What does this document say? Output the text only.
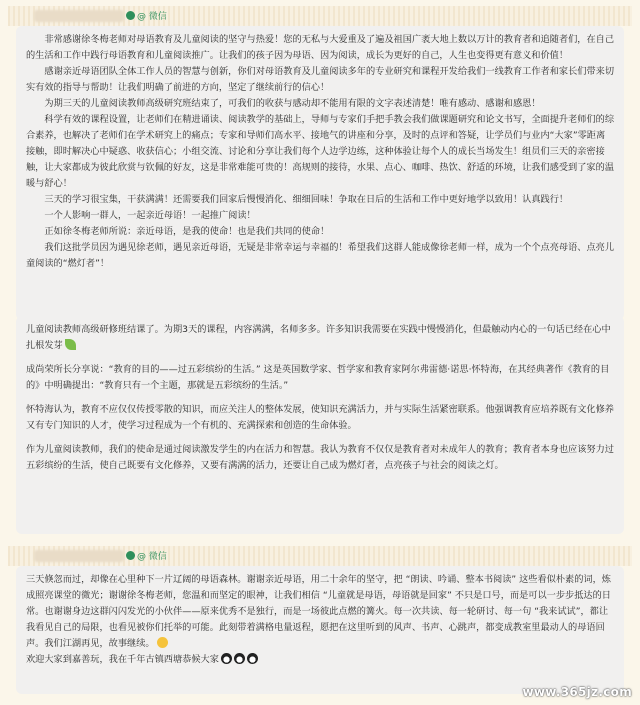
@ 微信

非常感谢徐冬梅老师对母语教育及儿童阅读的坚守与热爱！您的无私与大爱重及了遍及祖国广袤大地上数以万计的教育者和追随者们，在自己的生活和工作中践行母语教育和儿童阅读推广。让我们的孩子因为母语、因为阅读，成长为更好的自己，人生也变得更有意义和价值！

感谢亲近母语团队全体工作人员的智慧与创新，你们对母语教育及儿童阅读多年的专业研究和课程开发给我们一线教育工作者和家长们带来切实有效的指导与帮助！让我们明确了前进的方向，坚定了继续前行的信心！

为期三天的儿童阅读教师高级研究班结束了，可我们的收获与感动却不能用有限的文字表述清楚！唯有感动、感谢和感恩！

科学有效的课程设置，让老师们在精进诵读、阅读教学的基础上，导师与专家们手把手教会我们做课题研究和论文书写，全面提升老师们的综合素养，也解决了老师们在学术研究上的痛点；专家和导师们高水平、接地气的讲座和分享，及时的点评和答疑，让学员们与业内“大家”零距离接触，即时解决心中疑惑、收获信心；小组交流、讨论和分享让我们每个人边学边练，这种体验让每个人的成长当场发生！组员们三天的亲密接触，让大家都成为彼此欣赏与钦佩的好友，这是非常难能可贵的！高规则的接待，水果、点心、咖啡、热饮、舒适的环境，让我们感受到了家的温暖与舒心！

三天的学习很宝集，干获满满！还需要我们回家后慢慢消化、细细回味！争取在日后的生活和工作中更好地学以致用！认真践行！

一个人影响一群人，一起亲近母语！一起推广阅读！

正如徐冬梅老师所说：亲近母语，是我的使命！也是我们共同的使命！

我们这批学员因为遇见徐老师，遇见亲近母语，无疑是非常幸运与幸福的！希望我们这群人能成像徐老师一样，成为一个个点亮母语、点亮儿童阅读的“燃灯者”！

儿童阅读教师高级研修班结课了。为期3天的课程，内容满满，名师多多。许多知识我需要在实践中慢慢消化，但最触动内心的一句话已经在心中扎根发芽

成尚荣所长分享说：“教育的目的——过五彩缤纷的生活。” 这是英国数学家、哲学家和教育家阿尔弗雷德·诺思·怀特海，在其经典著作《教育的目的》中明确提出：“教育只有一个主题，那就是五彩缤纷的生活。”

怀特海认为，教育不应仅仅传授零散的知识，而应关注人的整体发展，使知识充满活力，并与实际生活紧密联系。他强调教育应培养既有文化修养又有专门知识的人才，使学习过程成为一个有机的、充满探索和创造的生命体验。

作为儿童阅读教师，我们的使命是通过阅读激发学生的内在活力和智慧。我认为教育不仅仅是教育者对未成年人的教育；教育者本身也应该努力过五彩缤纷的生活，使自己既要有文化修养，又要有满满的活力，还要让自己成为燃灯者，点亮孩子与社会的阅读之灯。

@ 微信

三天倏忽而过，却像在心里种下一片辽阔的母语森林。谢谢亲近母语，用二十余年的坚守，把 “朗读、吟诵、整本书阅读” 这些看似朴素的词，炼成照亮课堂的微光；谢谢徐冬梅老师，您温和而坚定的眼神，让我们相信 “儿童就是母语，母语就是回家” 不只是口号，而是可以一步步抵达的日常。也谢谢身边这群闪闪发光的小伙伴——原来优秀不是独行，而是一场彼此点燃的篝火。每一次共读、每一轮研讨、每一句 “我来试试”，都让我看见自己的局限，也看见被你们托举的可能。此刻带着满格电量返程，愿把在这里听到的风声、书声、心跳声，都变成教室里最动人的母语回声。我们江湖再见，故事继续。

欢迎大家到嘉善玩，我在千年古镇西塘恭候大家

www.365jz.com
